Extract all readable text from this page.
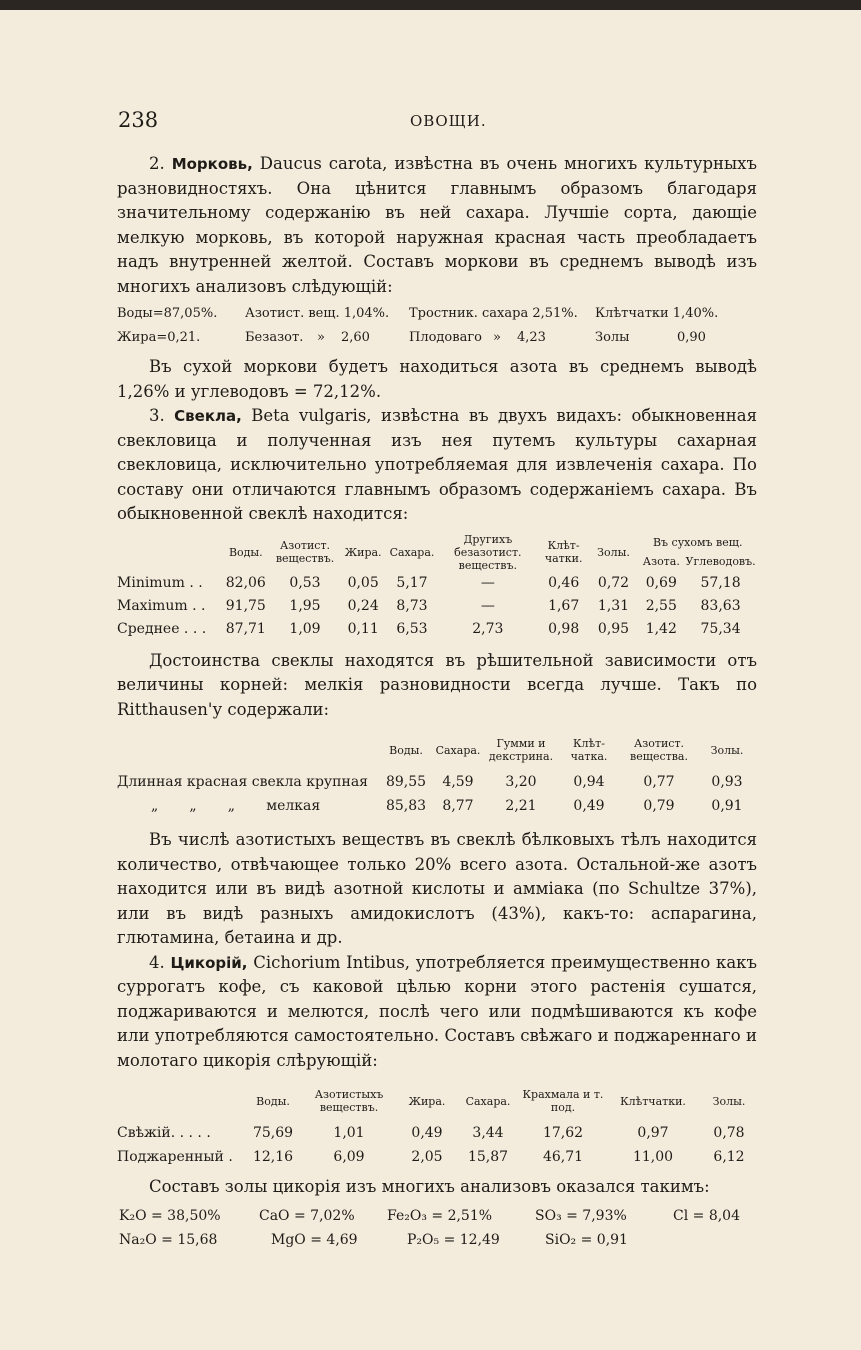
238	ОВОЩИ.

2. Морковь, Daucus carota, извѣстна въ очень многихъ культурныхъ разновидностяхъ. Она цѣнится главнымъ образомъ благодаря значительному содержанію въ ней сахара. Лучшіе сорта, дающіе мелкую морковь, въ которой наружная красная часть преобладаетъ надъ внутренней желтой. Составъ моркови въ среднемъ выводѣ изъ многихъ анализовъ слѣдующій:

Воды=87,05%.	Азотист. вещ. 1,04%.	Тростник. сахара 2,51%.	Клѣтчатки 1,40%.
Жира=0,21.	Безазот.	»	2,60	Плодоваго »	4,23	Золы	0,90

Въ сухой моркови будетъ находиться азота въ среднемъ выводѣ 1,26% и углеводовъ = 72,12%.

3. Свекла, Beta vulgaris, извѣстна въ двухъ видахъ: обыкновенная свекловица и полученная изъ нея путемъ культуры сахарная свекловица, исключительно употребляемая для извлеченія сахара. По составу они отличаются главнымъ образомъ содержаніемъ сахара. Въ обыкновенной свеклѣ находится:

	Воды.	Азотист. веществъ.	Жира.	Сахара.	Другихъ безазотист. веществъ.	Клѣт-чатки.	Золы.	Въ сухомъ вещ.	
								Азота.	Углеводовъ.
Minimum . .	82,06	0,53	0,05	5,17	—	0,46	0,72	0,69	57,18
Maximum . .	91,75	1,95	0,24	8,73	—	1,67	1,31	2,55	83,63
Среднее . . .	87,71	1,09	0,11	6,53	2,73	0,98	0,95	1,42	75,34

Достоинства свеклы находятся въ рѣшительной зависимости отъ величины корней: мелкія разновидности всегда лучше. Такъ по Ritthausen'у содержали:

	Воды.	Сахара.	Гумми и декстрина.	Клѣт-чатка.	Азотист. вещества.	Золы.
Длинная красная свекла крупная	89,55	4,59	3,20	0,94	0,77	0,93
„       „       „       мелкая	85,83	8,77	2,21	0,49	0,79	0,91

Въ числѣ азотистыхъ веществъ въ свеклѣ бѣлковыхъ тѣлъ находится количество, отвѣчающее только 20% всего азота. Остальной-же азотъ находится или въ видѣ азотной кислоты и амміака (по Schultze 37%), или въ видѣ разныхъ амидокислотъ (43%), какъ-то: аспарагина, глютамина, бетаина и др.

4. Цикорій, Cichorium Intibus, употребляется преимущественно какъ суррогатъ кофе, съ каковой цѣлью корни этого растенія сушатся, поджариваются и мелются, послѣ чего или подмѣшиваются къ кофе или употребляются самостоятельно. Составъ свѣжаго и поджареннаго и молотаго цикорія слѣрующій:

	Воды.	Азотистыхъ веществъ.	Жира.	Сахара.	Крахмала и т. под.	Клѣтчатки.	Золы.
Свѣжій. . . . .	75,69	1,01	0,49	3,44	17,62	0,97	0,78
Поджаренный .	12,16	6,09	2,05	15,87	46,71	11,00	6,12

Составъ золы цикорія изъ многихъ анализовъ оказался такимъ:

K₂O = 38,50%	CaO = 7,02%	Fe₂O₃ = 2,51%	SO₃ = 7,93%	Cl = 8,04
Na₂O = 15,68	MgO = 4,69	P₂O₅ = 12,49	SiO₂ = 0,91
